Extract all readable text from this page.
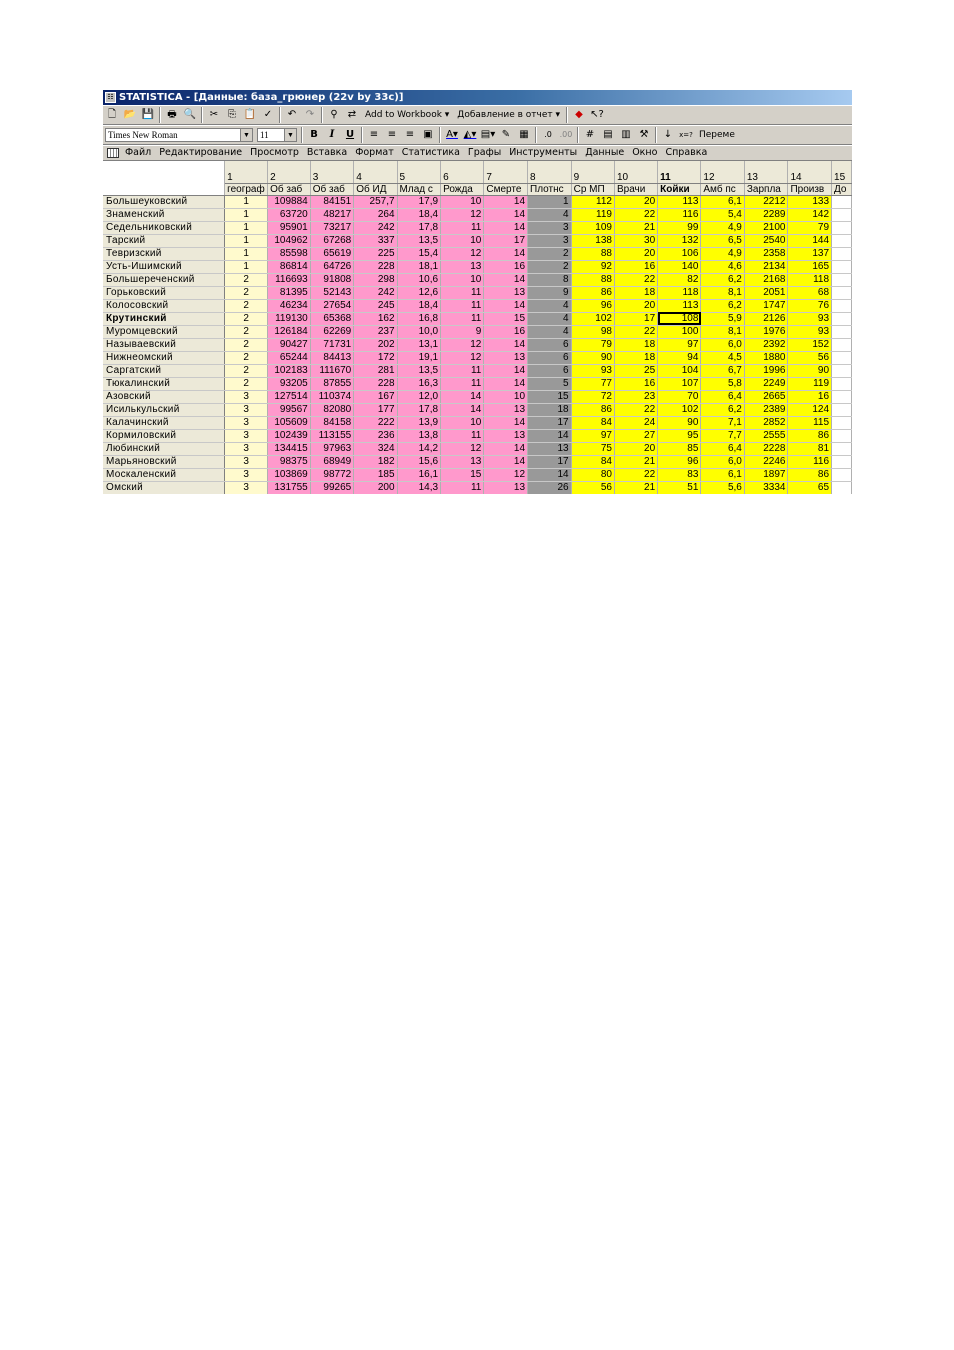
☷ STATISTICA - [Данные: база_грюнер (22v by 33c)]
🗋 📂 💾 🖶 🔍 ✂ ⎘ 📋 ✓ ↶ ↷ ⚲ ⇄ Add to Workbook ▾ Добавление в отчет ▾ ◆ ↖?
Times New Roman	▼ 11	▼ B I U ≡ ≡ ≡ ▣ A▾ ◭▾ ▤▾ ✎ ▦ .0 .00 # ▤ ▥ ⚒ ↓ x=? Переме
Файл Редактирование Просмотр Вставка Формат Статистика Графы Инструменты Данные Окно Справка
	1	2	3	4	5	6	7	8	9	10	11	12	13	14	15
	географ	Об заб	Об заб	Об ИД	Млад с	Рожда	Смерте	Плотнс	Ср МП	Врачи	Койки	Амб пс	Зарпла	Произв	До
Большеуковский	1	109884	84151	257,7	17,9	10	14	1	112	20	113	6,1	2212	133	
Знаменский	1	63720	48217	264	18,4	12	14	4	119	22	116	5,4	2289	142	
Седельниковский	1	95901	73217	242	17,8	11	14	3	109	21	99	4,9	2100	79	
Тарский	1	104962	67268	337	13,5	10	17	3	138	30	132	6,5	2540	144	
Тевризский	1	85598	65619	225	15,4	12	14	2	88	20	106	4,9	2358	137	
Усть-Ишимский	1	86814	64726	228	18,1	13	16	2	92	16	140	4,6	2134	165	
Большереченский	2	116693	91808	298	10,6	10	14	8	88	22	82	6,2	2168	118	
Горьковский	2	81395	52143	242	12,6	11	13	9	86	18	118	8,1	2051	68	
Колосовский	2	46234	27654	245	18,4	11	14	4	96	20	113	6,2	1747	76	
Крутинский	2	119130	65368	162	16,8	11	15	4	102	17	108	5,9	2126	93	
Муромцевский	2	126184	62269	237	10,0	9	16	4	98	22	100	8,1	1976	93	
Называевский	2	90427	71731	202	13,1	12	14	6	79	18	97	6,0	2392	152	
Нижнеомский	2	65244	84413	172	19,1	12	13	6	90	18	94	4,5	1880	56	
Саргатский	2	102183	111670	281	13,5	11	14	6	93	25	104	6,7	1996	90	
Тюкалинский	2	93205	87855	228	16,3	11	14	5	77	16	107	5,8	2249	119	
Азовский	3	127514	110374	167	12,0	14	10	15	72	23	70	6,4	2665	16	
Исилькульский	3	99567	82080	177	17,8	14	13	18	86	22	102	6,2	2389	124	
Калачинский	3	105609	84158	222	13,9	10	14	17	84	24	90	7,1	2852	115	
Кормиловский	3	102439	113155	236	13,8	11	13	14	97	27	95	7,7	2555	86	
Любинский	3	134415	97963	324	14,2	12	14	13	75	20	85	6,4	2228	81	
Марьяновский	3	98375	68949	182	15,6	13	14	17	84	21	96	6,0	2246	116	
Москаленский	3	103869	98772	185	16,1	15	12	14	80	22	83	6,1	1897	86	
Омский	3	131755	99265	200	14,3	11	13	26	56	21	51	5,6	3334	65	
